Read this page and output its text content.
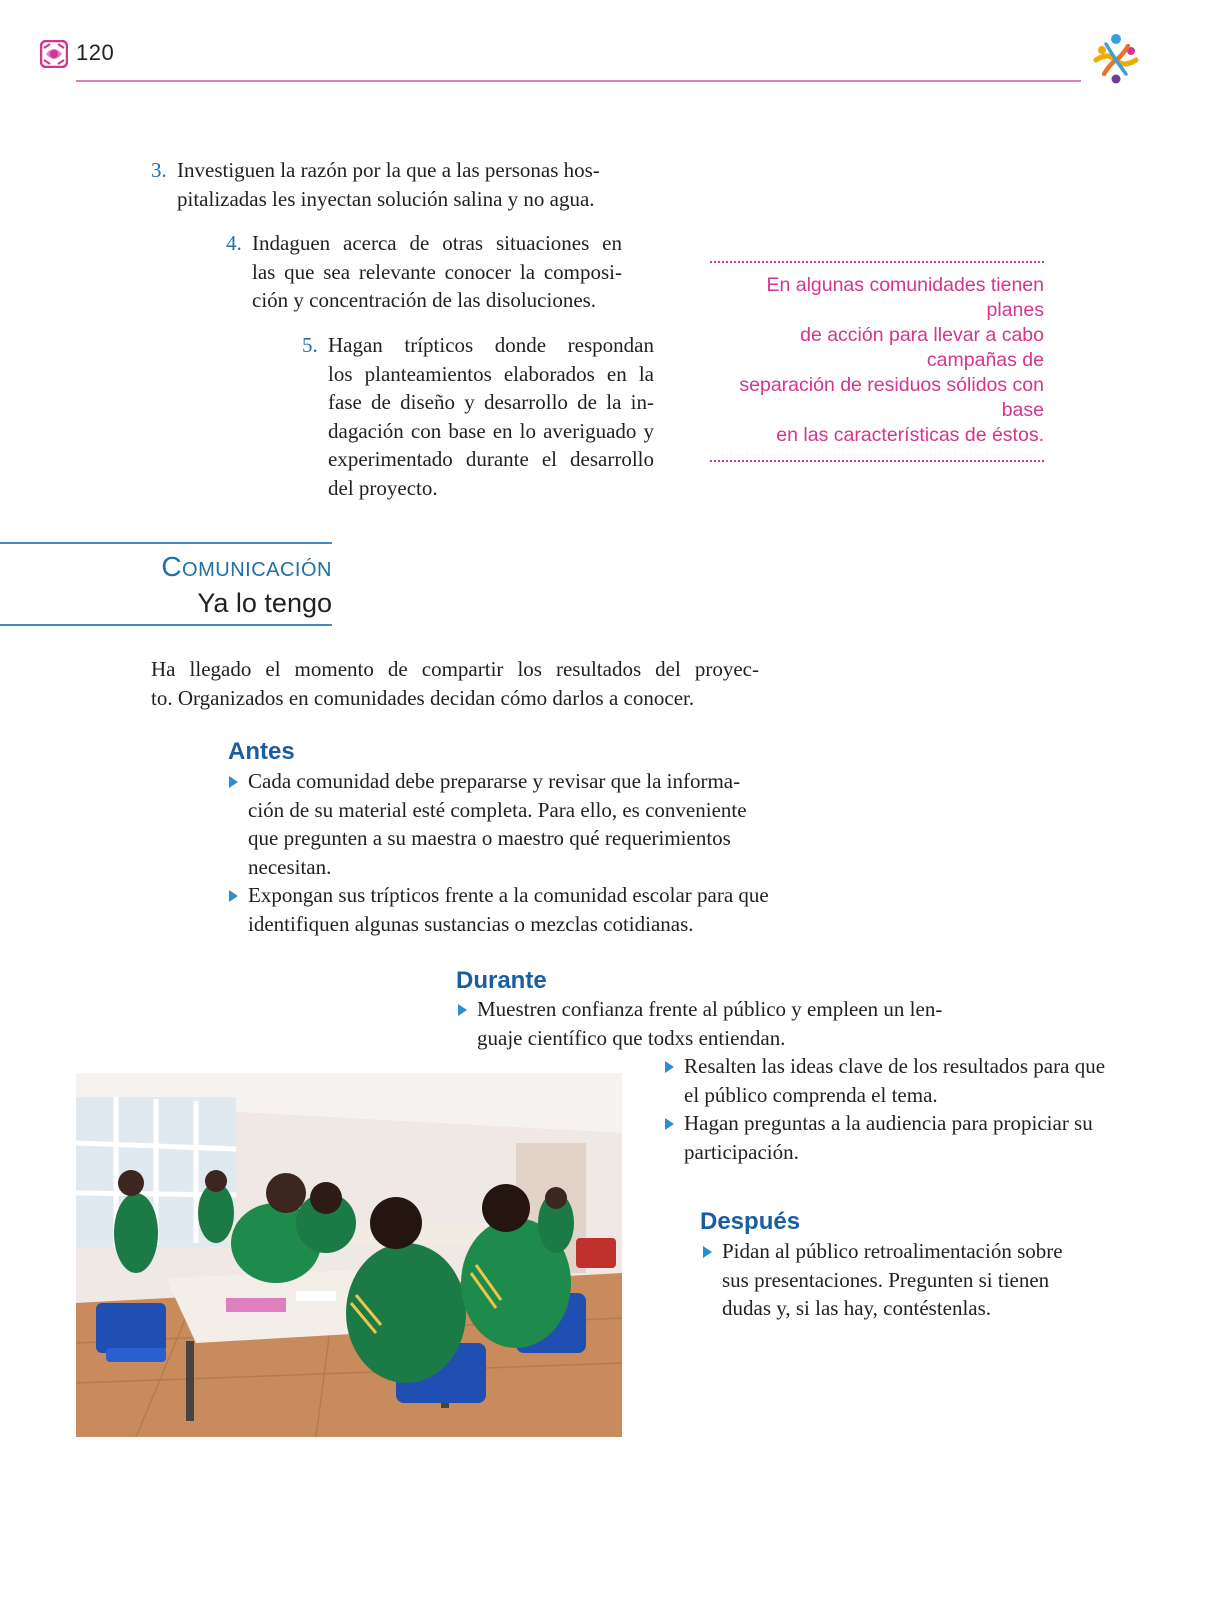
120
3. Investiguen la razón por la que a las personas hos-
pitalizadas les inyectan solución salina y no agua.
4. Indaguen acerca de otras situaciones en
las que sea relevante conocer la composi-
ción y concentración de las disoluciones.
5. Hagan trípticos donde respondan
los planteamientos elaborados en la
fase de diseño y desarrollo de la in-
dagación con base en lo averiguado y
experimentado durante el desarrollo
del proyecto.
En algunas comunidades tienen planes
de acción para llevar a cabo campañas de
separación de residuos sólidos con base
en las características de éstos.
Comunicación
Ya lo tengo
Ha llegado el momento de compartir los resultados del proyec-
to. Organizados en comunidades decidan cómo darlos a conocer.
Antes
Cada comunidad debe prepararse y revisar que la informa-
ción de su material esté completa. Para ello, es conveniente
que pregunten a su maestra o maestro qué requerimientos
necesitan.
Expongan sus trípticos frente a la comunidad escolar para que
identifiquen algunas sustancias o mezclas cotidianas.
Durante
Muestren confianza frente al público y empleen un len-
guaje científico que todxs entiendan.
Resalten las ideas clave de los resultados para que
el público comprenda el tema.
Hagan preguntas a la audiencia para propiciar su
participación.
Después
Pidan al público retroalimentación sobre
sus presentaciones. Pregunten si tienen
dudas y, si las hay, contéstenlas.
